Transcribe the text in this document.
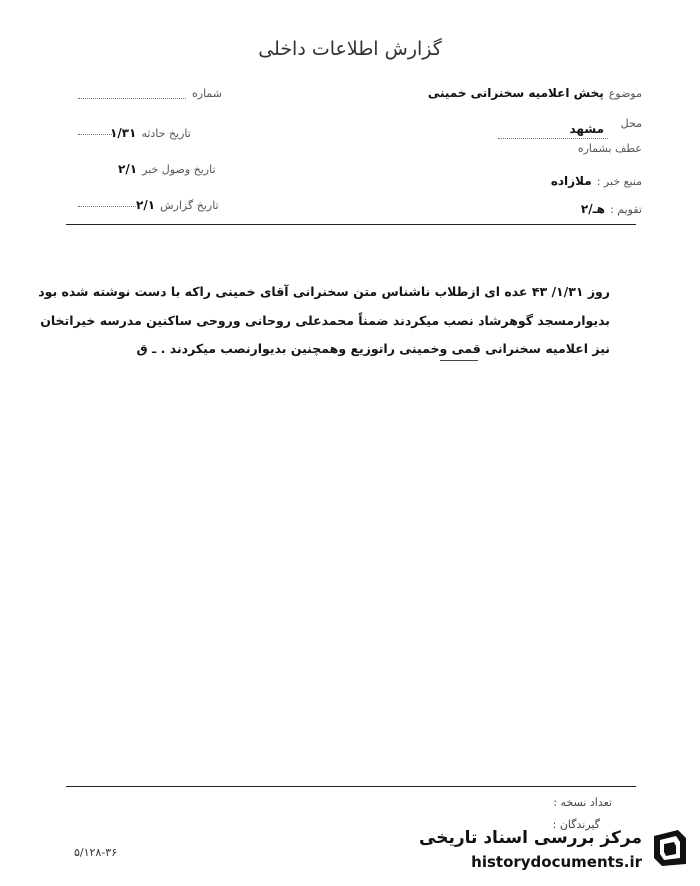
گزارش اطلاعات داخلی
موضوع پخش اعلامیه سخنرانی خمینی
محل
مشهد
عطف بشماره
منبع خبر : ملازاده
تقویم : هـ/۲
شماره
تاریخ حادثه ۱/۳۱
تاریخ وصول خبر ۲/۱
تاریخ گزارش ۲/۱
روز ۱/۳۱/ ۴۳ عده ای ازطلاب ناشناس متن سخنرانی آقای خمینی راکه با دست نوشته شده بود
بدیوارمسجد گوهرشاد نصب میکردند ضمناً محمدعلی روحانی وروحی ساکنین مدرسه خیراتخان
نیز اعلامیه سخنرانی قمی وخمینی راتوزیع وهمچنین بدیوارنصب میکردند . ـ ق
تعداد نسخه :
گیرندگان :
۵/۱۲۸-۳۶
مرکز بررسی اسناد تاریخی
historydocuments.ir
